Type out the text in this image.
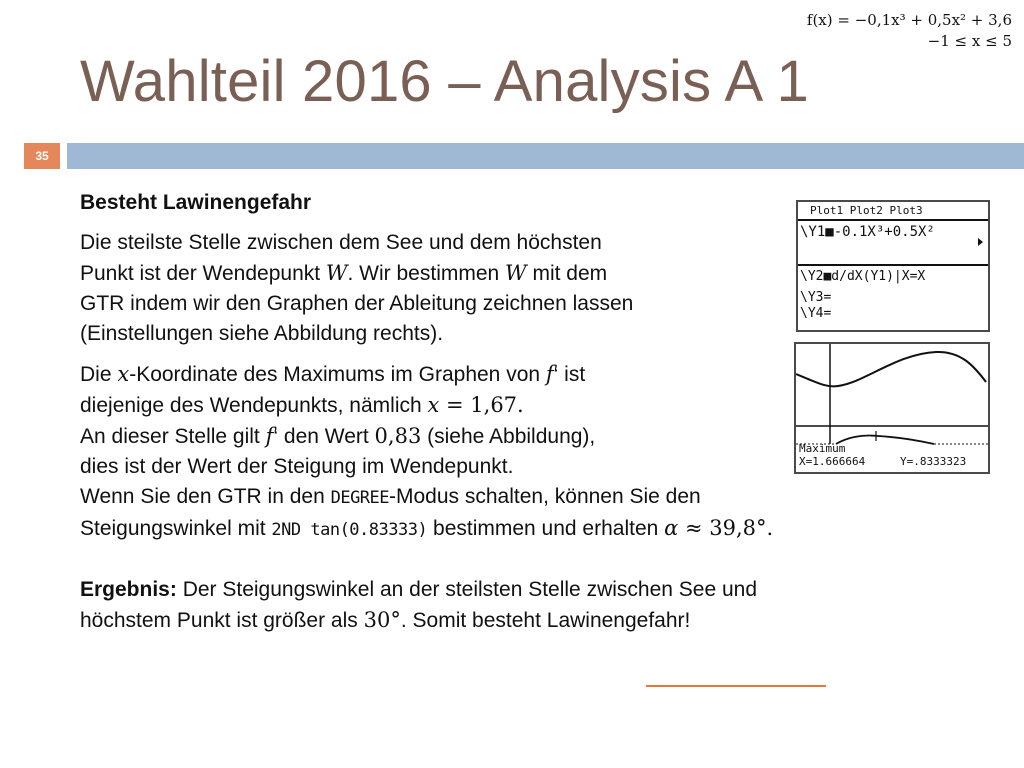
f(x) = −0,1x³ + 0,5x² + 3,6
−1 ≤ x ≤ 5
Wahlteil 2016 – Analysis A 1
35

Besteht Lawinengefahr

Die steilste Stelle zwischen dem See und dem höchsten
Punkt ist der Wendepunkt W. Wir bestimmen W mit dem
GTR indem wir den Graphen der Ableitung zeichnen lassen
(Einstellungen siehe Abbildung rechts).
Die x-Koordinate des Maximums im Graphen von f‘ ist
diejenige des Wendepunkts, nämlich x = 1,67.
An dieser Stelle gilt f‘ den Wert 0,83 (siehe Abbildung),
dies ist der Wert der Steigung im Wendepunkt.
Wenn Sie den GTR in den DEGREE-Modus schalten, können Sie den
Steigungswinkel mit 2ND tan(0.83333) bestimmen und erhalten α ≈ 39,8°.
Ergebnis: Der Steigungswinkel an der steilsten Stelle zwischen See und
höchstem Punkt ist größer als 30°. Somit besteht Lawinengefahr!
Plot1 Plot2 Plot3
\Y1■-0.1X³+0.5X²
\Y2■d/dX(Y1)|X=X
\Y3=
\Y4=
Maximum
X=1.666664	Y=.8333323
